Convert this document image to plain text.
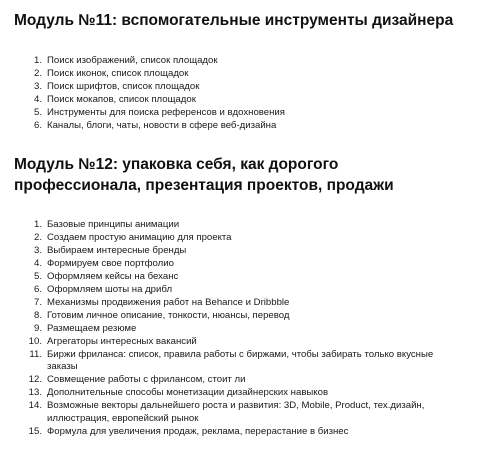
Модуль №11: вспомогательные инструменты дизайнера
1. Поиск изображений, список площадок
2. Поиск иконок, список площадок
3. Поиск шрифтов, список площадок
4. Поиск мокапов, список площадок
5. Инструменты для поиска референсов и вдохновения
6. Каналы, блоги, чаты, новости в сфере веб-дизайна
Модуль №12: упаковка себя, как дорогого профессионала, презентация проектов, продажи
1. Базовые принципы анимации
2. Создаем простую анимацию для проекта
3. Выбираем интересные бренды
4. Формируем свое портфолио
5. Оформляем кейсы на беханс
6. Оформляем шоты на дрибл
7. Механизмы продвижения работ на Behance и Dribbble
8. Готовим личное описание, тонкости, нюансы, перевод
9. Размещаем резюме
10. Агрегаторы интересных вакансий
11. Биржи фриланса: список, правила работы с биржами, чтобы забирать только вкусные заказы
12. Совмещение работы с фрилансом, стоит ли
13. Дополнительные способы монетизации дизайнерских навыков
14. Возможные векторы дальнейшего роста и развития: 3D, Mobile, Product, тех.дизайн, иллюстрация, европейский рынок
15. Формула для увеличения продаж, реклама, перерастание в бизнес
